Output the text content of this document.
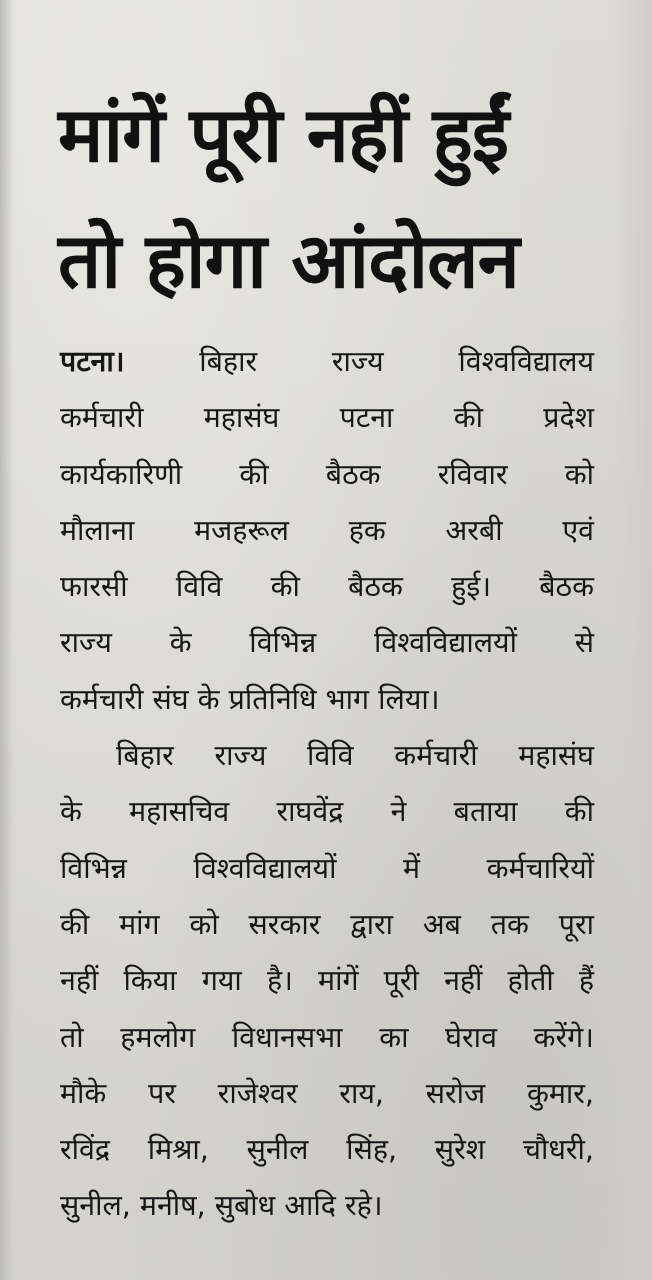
मांगें पूरी नहीं हुईं
तो होगा आंदोलन
पटना।	बिहार राज्य विश्वविद्यालय
कर्मचारी महासंघ पटना की प्रदेश
कार्यकारिणी की बैठक रविवार को
मौलाना मजहरूल हक अरबी एवं
फारसी विवि की बैठक हुई। बैठक
राज्य के विभिन्न विश्वविद्यालयों से
कर्मचारी संघ के प्रतिनिधि भाग लिया।
बिहार राज्य विवि कर्मचारी महासंघ
के महासचिव राघवेंद्र ने बताया की
विभिन्न विश्वविद्यालयों में कर्मचारियों
की मांग को सरकार द्वारा अब तक पूरा
नहीं किया गया है। मांगें पूरी नहीं होती हैं
तो हमलोग विधानसभा का घेराव करेंगे।
मौके पर राजेश्वर राय, सरोज कुमार,
रविंद्र मिश्रा, सुनील सिंह, सुरेश चौधरी,
सुनील, मनीष, सुबोध आदि रहे।
